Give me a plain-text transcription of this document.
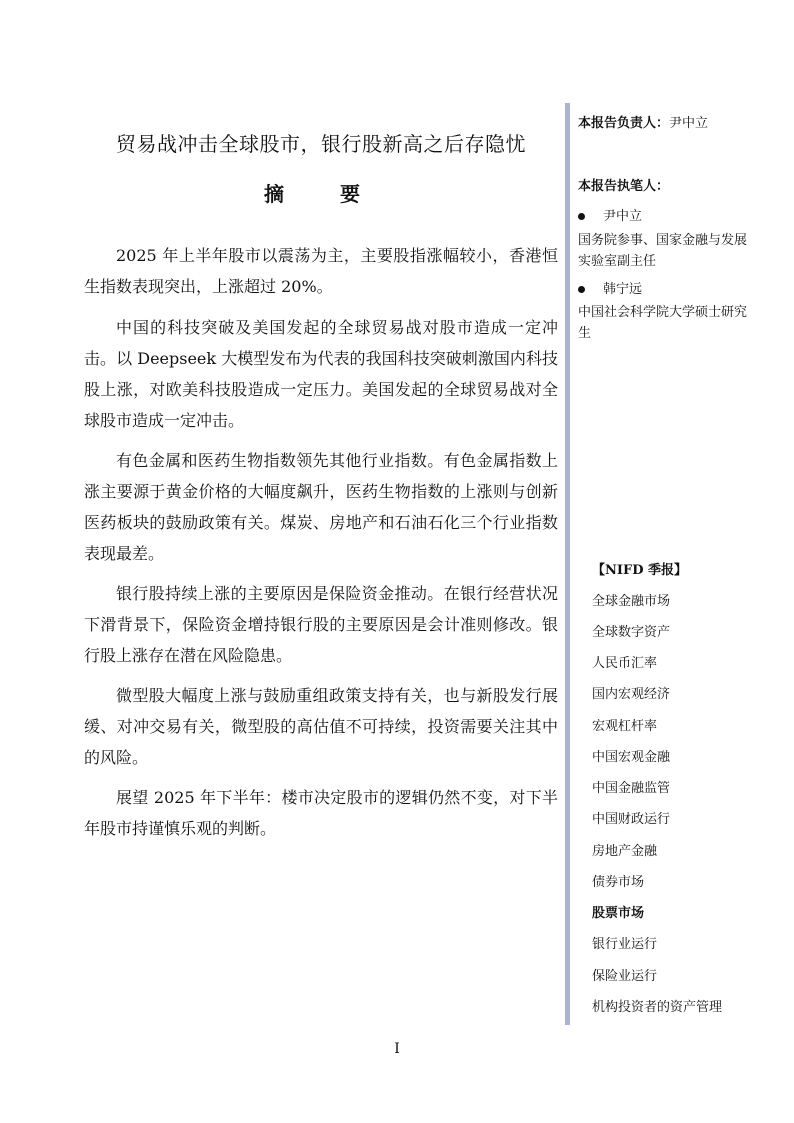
贸易战冲击全球股市，银行股新高之后存隐忧
摘　要

2025 年上半年股市以震荡为主，主要股指涨幅较小，香港恒生指数表现突出，上涨超过 20%。

中国的科技突破及美国发起的全球贸易战对股市造成一定冲击。以 Deepseek 大模型发布为代表的我国科技突破刺激国内科技股上涨，对欧美科技股造成一定压力。美国发起的全球贸易战对全球股市造成一定冲击。

有色金属和医药生物指数领先其他行业指数。有色金属指数上涨主要源于黄金价格的大幅度飙升，医药生物指数的上涨则与创新医药板块的鼓励政策有关。煤炭、房地产和石油石化三个行业指数表现最差。

银行股持续上涨的主要原因是保险资金推动。在银行经营状况下滑背景下，保险资金增持银行股的主要原因是会计准则修改。银行股上涨存在潜在风险隐患。

微型股大幅度上涨与鼓励重组政策支持有关，也与新股发行展缓、对冲交易有关，微型股的高估值不可持续，投资需要关注其中的风险。

展望 2025 年下半年：楼市决定股市的逻辑仍然不变，对下半年股市持谨慎乐观的判断。

本报告负责人：尹中立
本报告执笔人：
尹中立
国务院参事、国家金融与发展实验室副主任
韩宁远
中国社会科学院大学硕士研究生
【NIFD 季报】
全球金融市场
全球数字资产
人民币汇率
国内宏观经济
宏观杠杆率
中国宏观金融
中国金融监管
中国财政运行
房地产金融
债券市场
股票市场
银行业运行
保险业运行
机构投资者的资产管理
I
